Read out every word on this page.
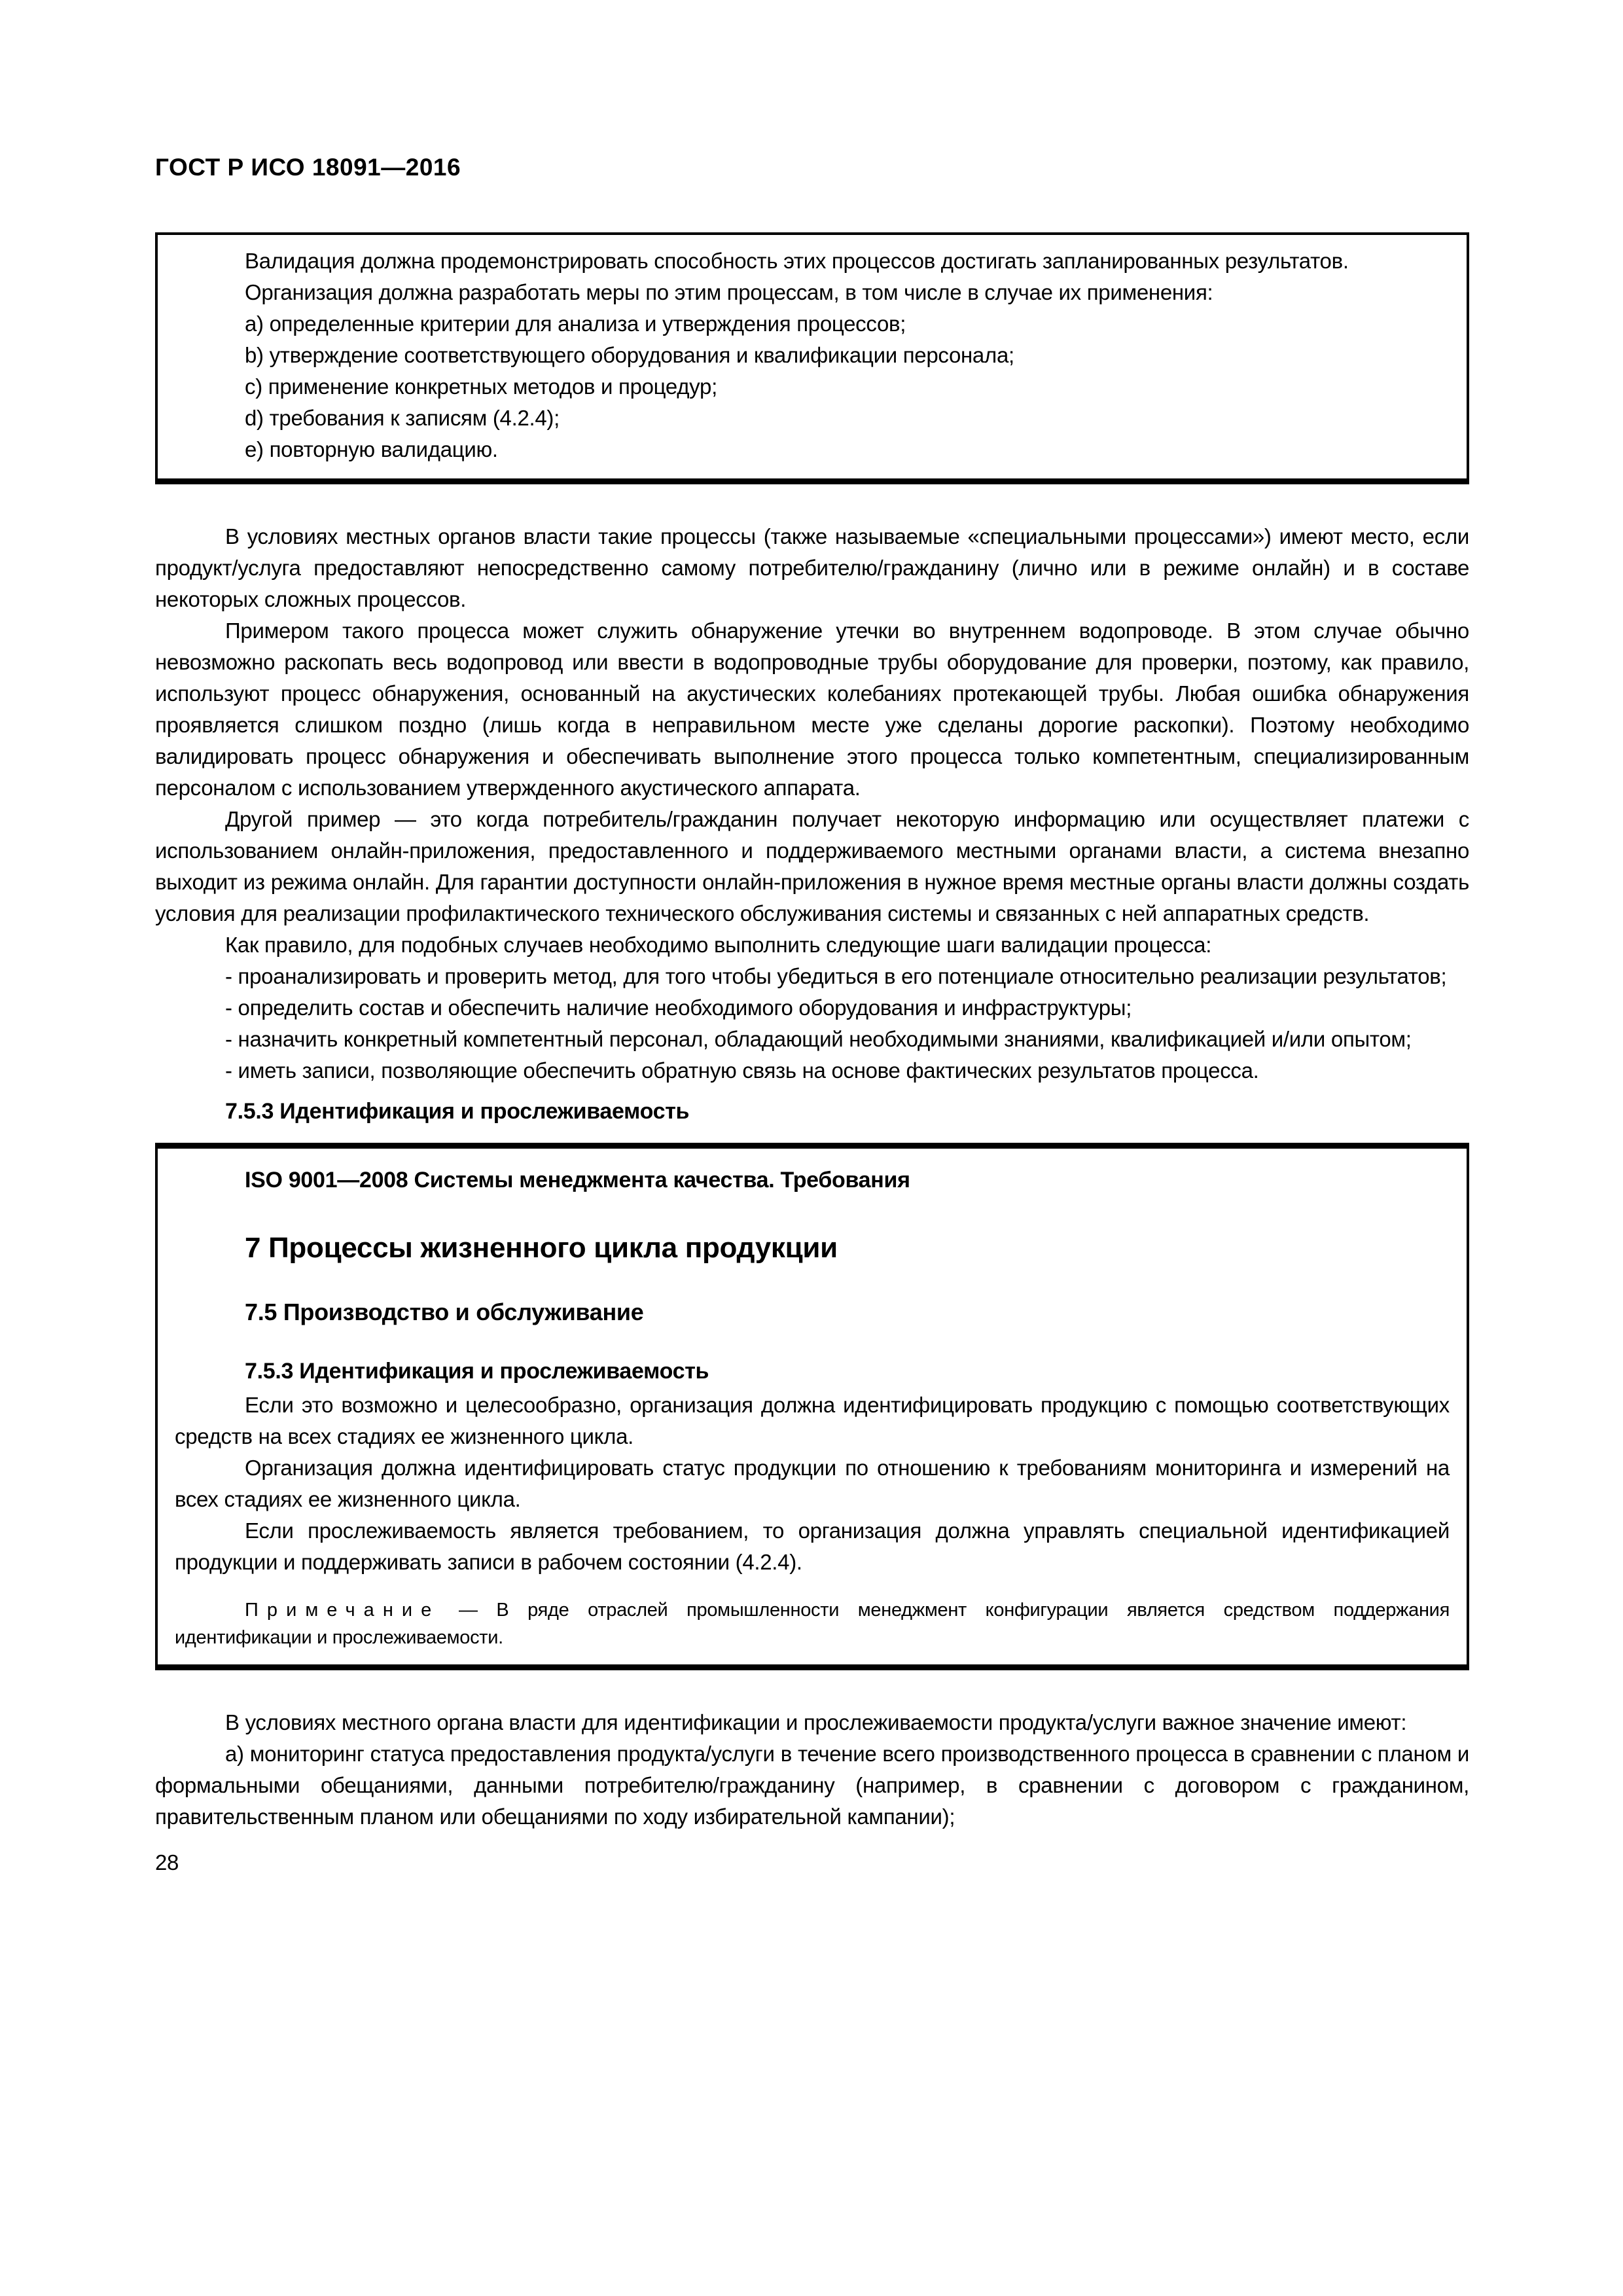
ГОСТ Р ИСО 18091—2016

Валидация должна продемонстрировать способность этих процессов достигать запланированных результатов.

Организация должна разработать меры по этим процессам, в том числе в случае их применения:

a) определенные критерии для анализа и утверждения процессов;

b) утверждение соответствующего оборудования и квалификации персонала;

c) применение конкретных методов и процедур;

d) требования к записям (4.2.4);

e) повторную валидацию.

В условиях местных органов власти такие процессы (также называемые «специальными процессами») имеют место, если продукт/услуга предоставляют непосредственно самому потребителю/гражданину (лично или в режиме онлайн) и в составе некоторых сложных процессов.

Примером такого процесса может служить обнаружение утечки во внутреннем водопроводе. В этом случае обычно невозможно раскопать весь водопровод или ввести в водопроводные трубы оборудование для проверки, поэтому, как правило, используют процесс обнаружения, основанный на акустических колебаниях протекающей трубы. Любая ошибка обнаружения проявляется слишком поздно (лишь когда в неправильном месте уже сделаны дорогие раскопки). Поэтому необходимо валидировать процесс обнаружения и обеспечивать выполнение этого процесса только компетентным, специализированным персоналом с использованием утвержденного акустического аппарата.

Другой пример — это когда потребитель/гражданин получает некоторую информацию или осуществляет платежи с использованием онлайн-приложения, предоставленного и поддерживаемого местными органами власти, а система внезапно выходит из режима онлайн. Для гарантии доступности онлайн-приложения в нужное время местные органы власти должны создать условия для реализации профилактического технического обслуживания системы и связанных с ней аппаратных средств.

Как правило, для подобных случаев необходимо выполнить следующие шаги валидации процесса:

- проанализировать и проверить метод, для того чтобы убедиться в его потенциале относительно реализации результатов;

- определить состав и обеспечить наличие необходимого оборудования и инфраструктуры;

- назначить конкретный компетентный персонал, обладающий необходимыми знаниями, квалификацией и/или опытом;

- иметь записи, позволяющие обеспечить обратную связь на основе фактических результатов процесса.

7.5.3 Идентификация и прослеживаемость

ISO 9001—2008 Системы менеджмента качества. Требования

7 Процессы жизненного цикла продукции

7.5 Производство и обслуживание

7.5.3 Идентификация и прослеживаемость

Если это возможно и целесообразно, организация должна идентифицировать продукцию с помощью соответствующих средств на всех стадиях ее жизненного цикла.

Организация должна идентифицировать статус продукции по отношению к требованиям мониторинга и измерений на всех стадиях ее жизненного цикла.

Если прослеживаемость является требованием, то организация должна управлять специальной идентификацией продукции и поддерживать записи в рабочем состоянии (4.2.4).

Примечание — В ряде отраслей промышленности менеджмент конфигурации является средством поддержания идентификации и прослеживаемости.

В условиях местного органа власти для идентификации и прослеживаемости продукта/услуги важное значение имеют:

a) мониторинг статуса предоставления продукта/услуги в течение всего производственного процесса в сравнении с планом и формальными обещаниями, данными потребителю/гражданину (например, в сравнении с договором с гражданином, правительственным планом или обещаниями по ходу избирательной кампании);

28
